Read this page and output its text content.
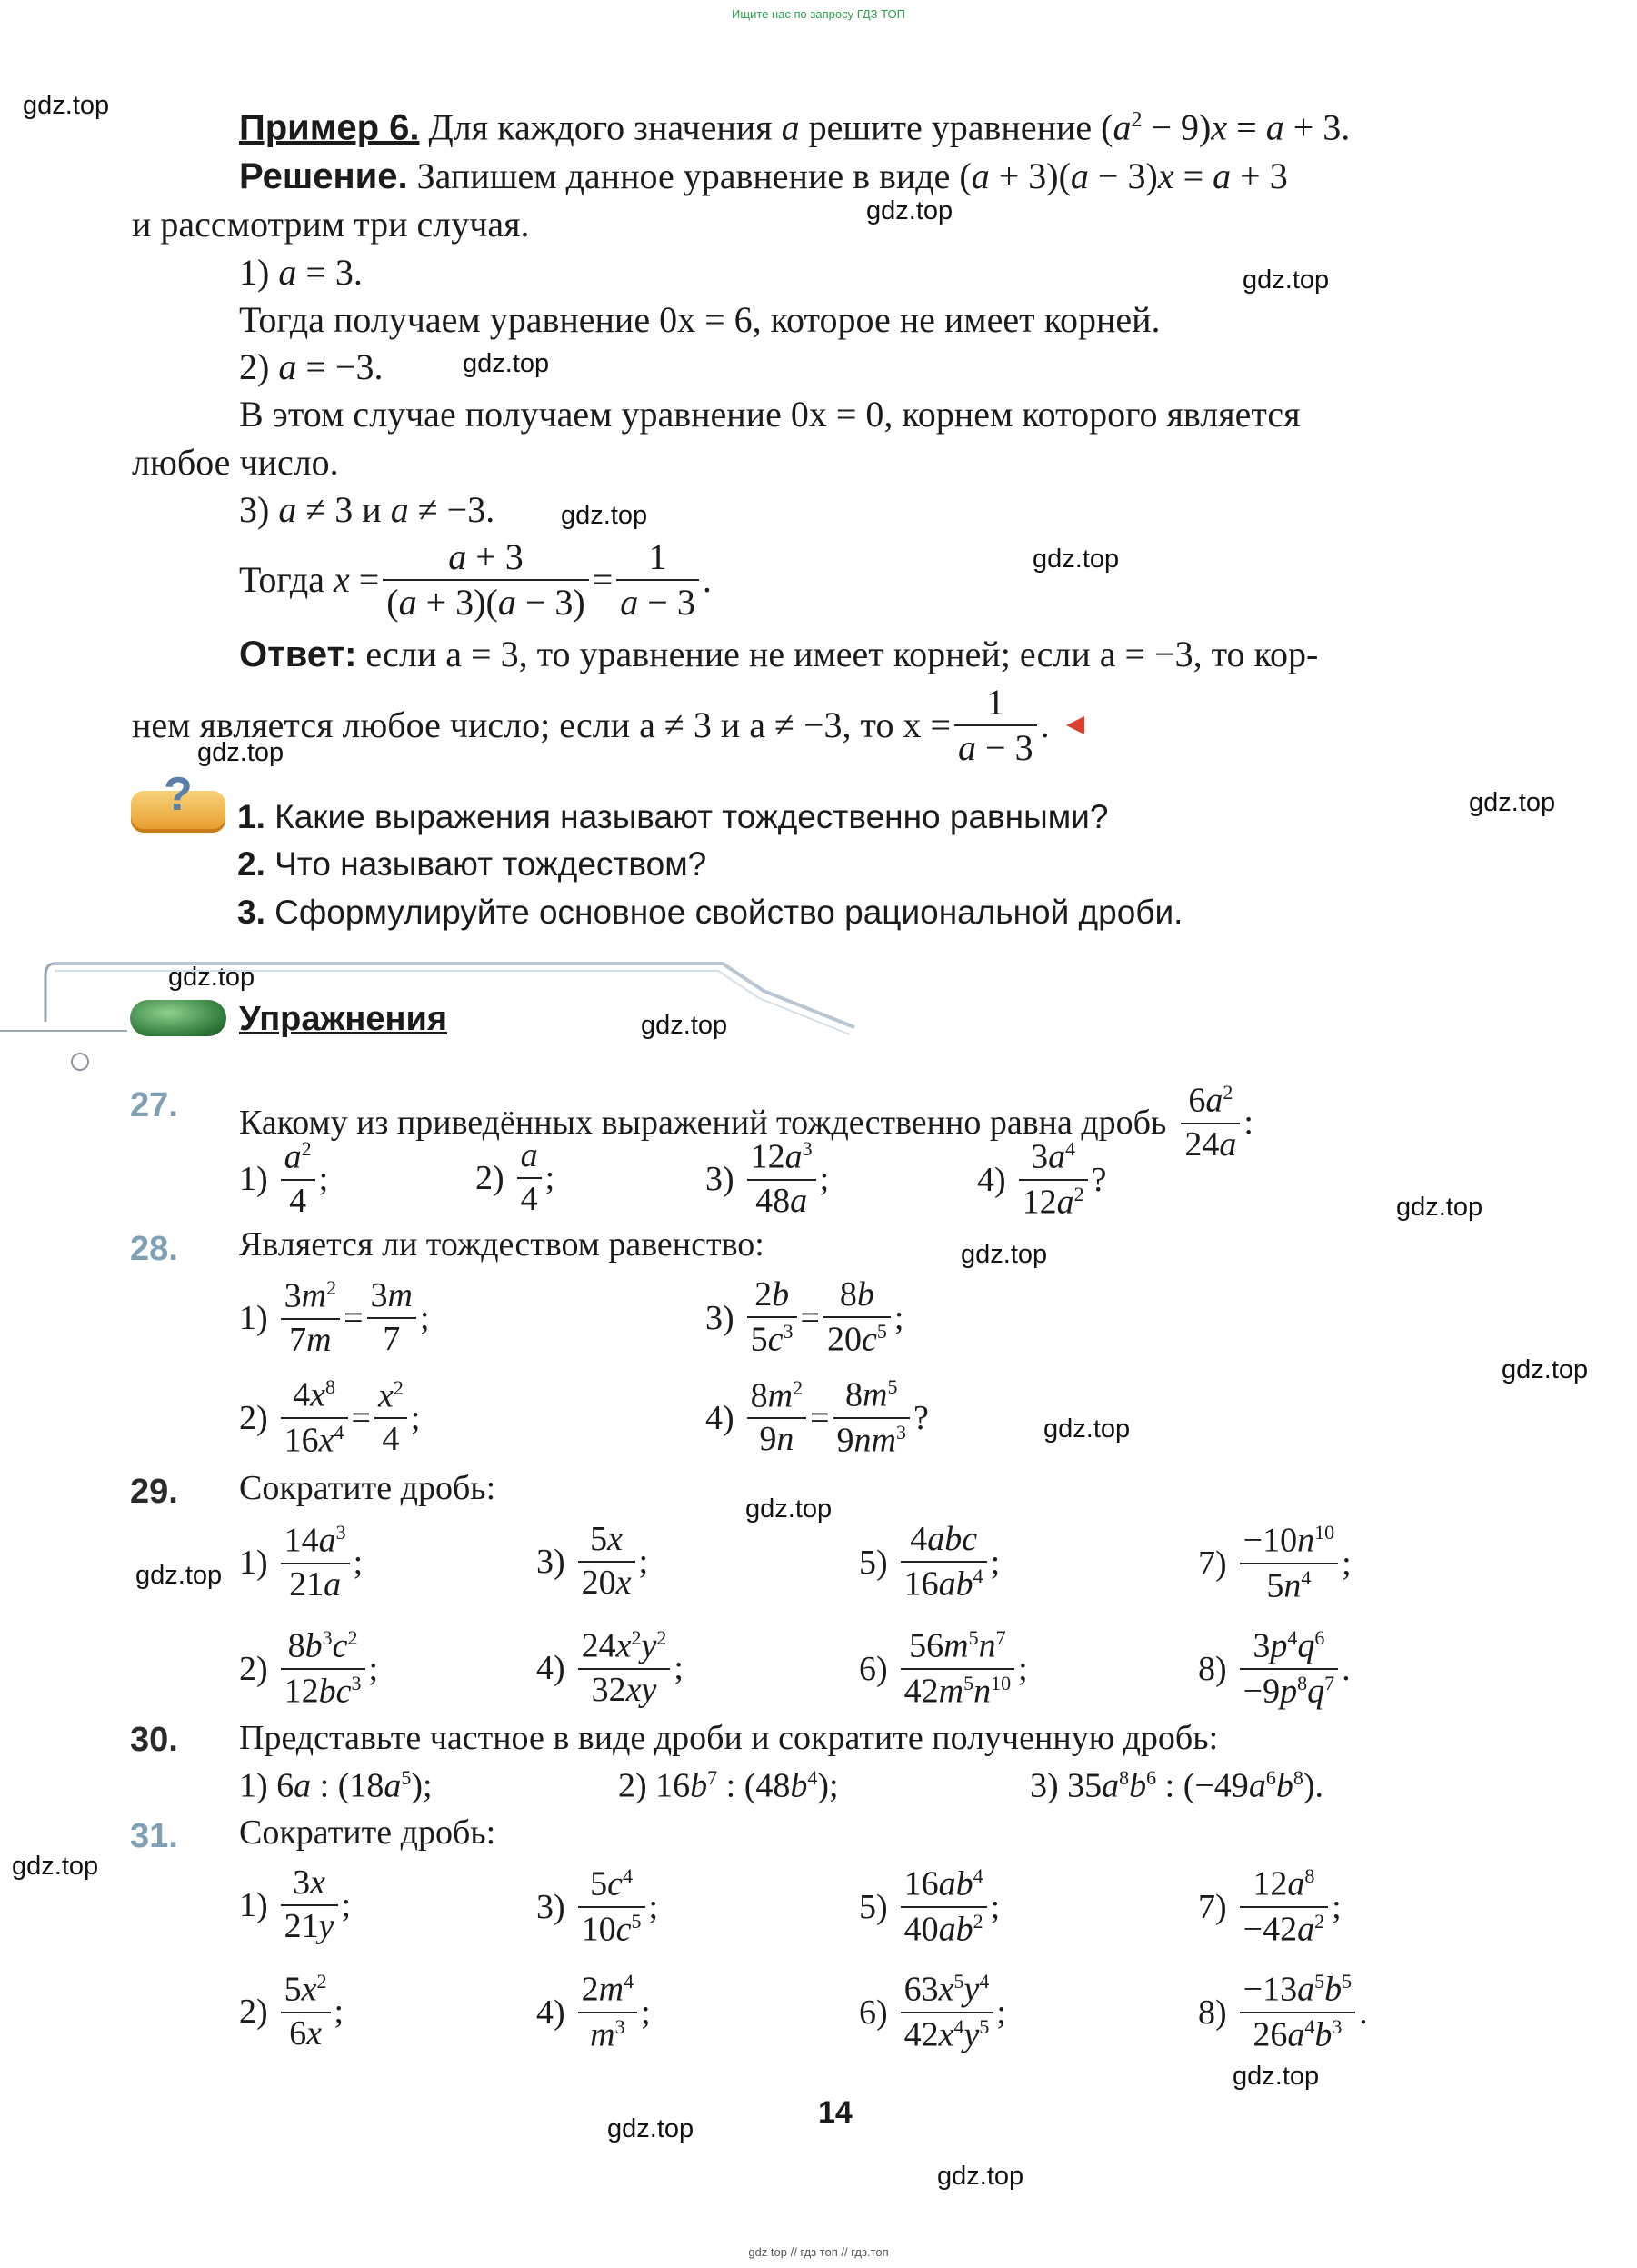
Ищите нас по запросу ГДЗ ТОП
gdz top // гдз топ // гдз.топ
gdz.top
gdz.top
gdz.top
gdz.top
gdz.top
gdz.top
gdz.top
gdz.top
gdz.top
gdz.top
gdz.top
gdz.top
gdz.top
gdz.top
gdz.top
gdz.top
gdz.top
gdz.top
gdz.top
gdz.top
Пример 6. Для каждого значения a решите уравнение $(a^2 - 9)x = a + 3$.
Решение. Запишем данное уравнение в виде (a + 3)(a − 3)x = a + 3
и рассмотрим три случая.
1) a = 3.
Тогда получаем уравнение 0x = 6, которое не имеет корней.
2) a = −3.
В этом случае получаем уравнение 0x = 0, корнем которого является
любое число.
3) a ≠ 3 и a ≠ −3.
Тогда
$x = \frac{a + 3}{(a + 3)(a - 3)} = \frac{1}{a - 3}$ .
Ответ: если a = 3, то уравнение не имеет корней; если a = −3, то кор-
нем является любое число; если a ≠ 3 и a ≠ −3, то $x = \frac{1}{a - 3}$ .
? 1. Какие выражения называют тождественно равными?
2. Что называют тождеством?
3. Сформулируйте основное свойство рациональной дроби.
Упражнения
27. Какому из приведённых выражений тождественно равна дробь $\frac{6a^2}{24a}$ :
$1) \frac{a^2}{4}$ ;	$2) \frac{a}{4}$ ;	$3) \frac{12a^3}{48a}$ ;	$4) \frac{3a^4}{12a^2}$ ?
28. Является ли тождеством равенство:
$1) \frac{3m^2}{7m} = \frac{3m}{7}$ ;	$3) \frac{2b}{5c^3} = \frac{8b}{20c^5}$ ;
$2) \frac{4x^8}{16x^4} = \frac{x^2}{4}$ ;	$4) \frac{8m^2}{9n} = \frac{8m^5}{9nm^3}$ ?
29. Сократите дробь:
$1) \frac{14a^3}{21a}$ ;	$3) \frac{5x}{20x}$ ;	$5) \frac{\text{4abc}}{16ab^4}$ ;	$7) \frac{-10n^{10}}{5n^4}$ ;
$2) \frac{8b^3c^2}{12bc^3}$ ;	$4) \frac{24x^2y^2}{32xy}$ ;	$6) \frac{56m^5n^7}{42m^5n^{10}}$ ;	$8) \frac{3p^4q^6}{-9p^8q^7}$ .
30. Представьте частное в виде дроби и сократите полученную дробь:
1) 6a : $(18a^5)$;	2) $16b^7$ : $(48b^4)$;	3) $35a^8b^6$ : $(-49a^6b^8)$.
31. Сократите дробь:
$1) \frac{3x}{21y}$ ;	$3) \frac{5c^4}{10c^5}$ ;	$5) \frac{16ab^4}{40ab^2}$ ;	$7) \frac{12a^8}{-42a^2}$ ;
$2) \frac{5x^2}{6x}$ ;	$4) \frac{2m^4}{m^3}$ ;	$6) \frac{63x^5y^4}{42x^4y^5}$ ;	$8) \frac{-13a^5b^5}{26a^4b^3}$ .
14
